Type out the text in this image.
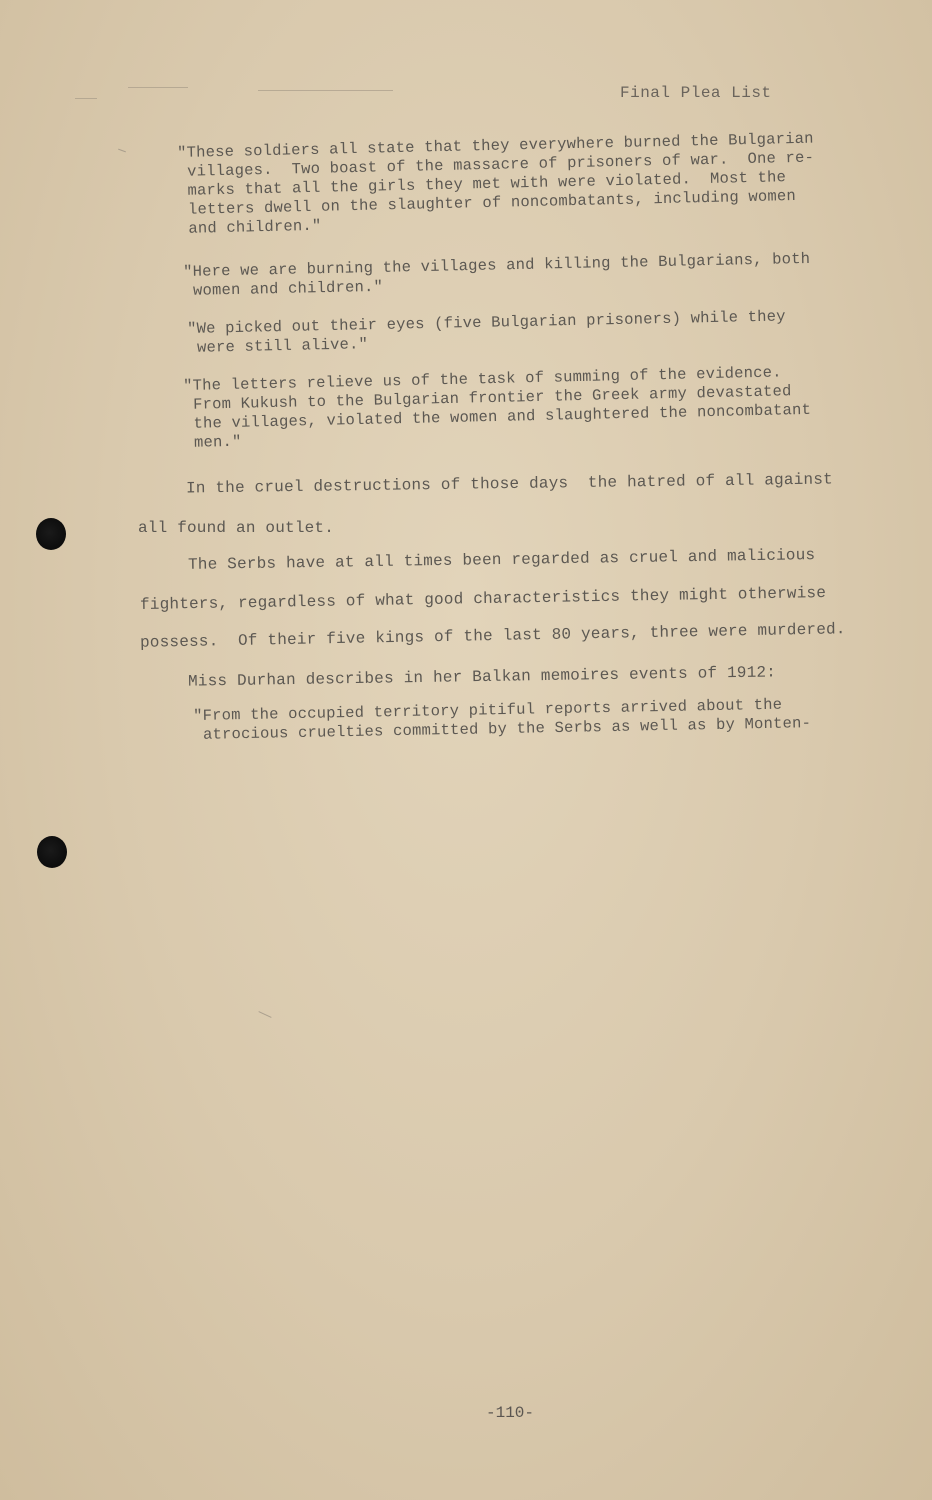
Final Plea List
"These soldiers all state that they everywhere burned the Bulgarian
villages.  Two boast of the massacre of prisoners of war.  One re-
marks that all the girls they met with were violated.  Most the
letters dwell on the slaughter of noncombatants, including women
and children."
"Here we are burning the villages and killing the Bulgarians, both
women and children."
"We picked out their eyes (five Bulgarian prisoners) while they
were still alive."
"The letters relieve us of the task of summing of the evidence.
From Kukush to the Bulgarian frontier the Greek army devastated
the villages, violated the women and slaughtered the noncombatant
men."
In the cruel destructions of those days  the hatred of all against
all found an outlet.
The Serbs have at all times been regarded as cruel and malicious
fighters, regardless of what good characteristics they might otherwise
possess.  Of their five kings of the last 80 years, three were murdered.
Miss Durhan describes in her Balkan memoires events of 1912:
"From the occupied territory pitiful reports arrived about the
atrocious cruelties committed by the Serbs as well as by Monten-
-110-
